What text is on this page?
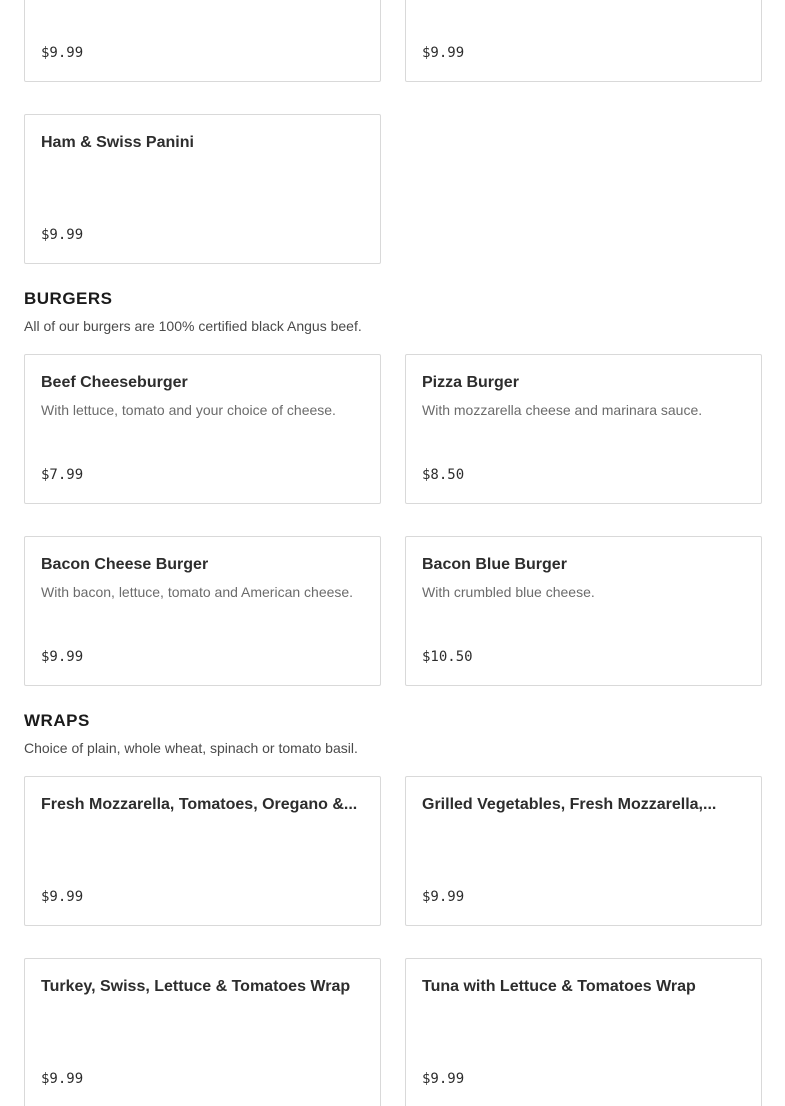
$9.99	$9.99
Ham & Swiss Panini
$9.99
BURGERS
All of our burgers are 100% certified black Angus beef.
Beef Cheeseburger
With lettuce, tomato and your choice of cheese.
$7.99
Pizza Burger
With mozzarella cheese and marinara sauce.
$8.50
Bacon Cheese Burger
With bacon, lettuce, tomato and American cheese.
$9.99
Bacon Blue Burger
With crumbled blue cheese.
$10.50
WRAPS
Choice of plain, whole wheat, spinach or tomato basil.
Fresh Mozzarella, Tomatoes, Oregano &...
$9.99
Grilled Vegetables, Fresh Mozzarella,...
$9.99
Turkey, Swiss, Lettuce & Tomatoes Wrap
$9.99
Tuna with Lettuce & Tomatoes Wrap
$9.99
